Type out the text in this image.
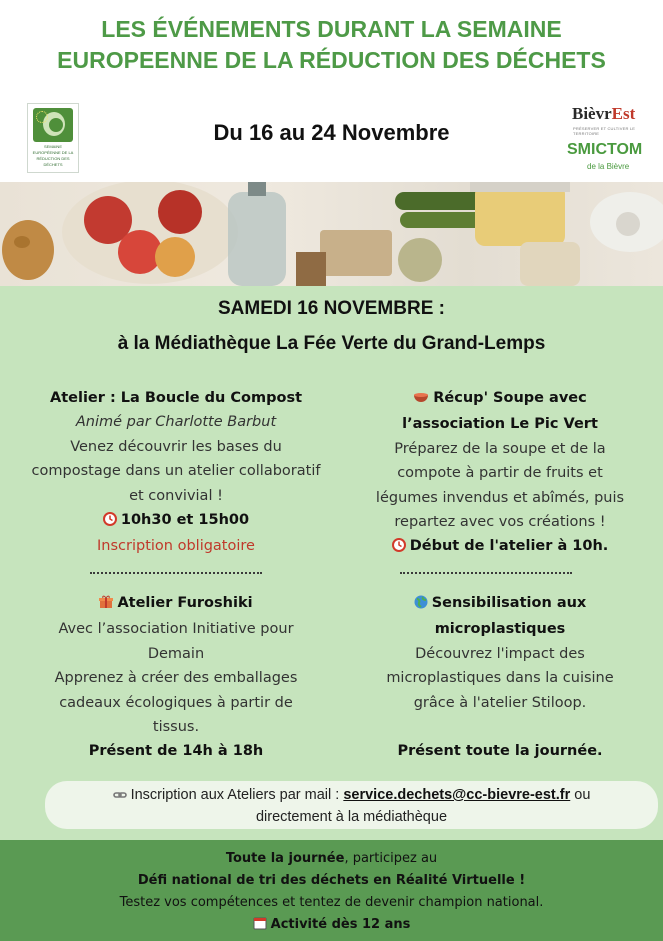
LES ÉVÉNEMENTS DURANT LA SEMAINE
EUROPEENNE DE LA RÉDUCTION DES DÉCHETS
SEMAINE EUROPÉENNE DE LA RÉDUCTION DES DÉCHETS
Du 16 au 24 Novembre
BièvrEst
PRÉSERVER ET CULTIVER LE TERRITOIRE
SMICTOM
de la Bièvre
SAMEDI 16 NOVEMBRE :
à la Médiathèque La Fée Verte du Grand-Lemps
Atelier : La Boucle du Compost
Animé par Charlotte Barbut
Venez découvrir les bases du
compostage dans un atelier collaboratif
et convivial !
10h30 et 15h00
Inscription obligatoire
Récup' Soupe avec
l’association Le Pic Vert
Préparez de la soupe et de la
compote à partir de fruits et
légumes invendus et abîmés, puis
repartez avec vos créations !
Début de l'atelier à 10h.
Atelier Furoshiki
Avec l’association Initiative pour
Demain
Apprenez à créer des emballages
cadeaux écologiques à partir de
tissus.
Présent de 14h à 18h
Sensibilisation aux
microplastiques
Découvrez l'impact des
microplastiques dans la cuisine
grâce à l'atelier Stiloop.

Présent toute la journée.
Inscription aux Ateliers par mail : service.dechets@cc-bievre-est.fr ou
directement à la médiathèque
Toute la journée, participez au
Défi national de tri des déchets en Réalité Virtuelle !
Testez vos compétences et tentez de devenir champion national.
Activité dès 12 ans
